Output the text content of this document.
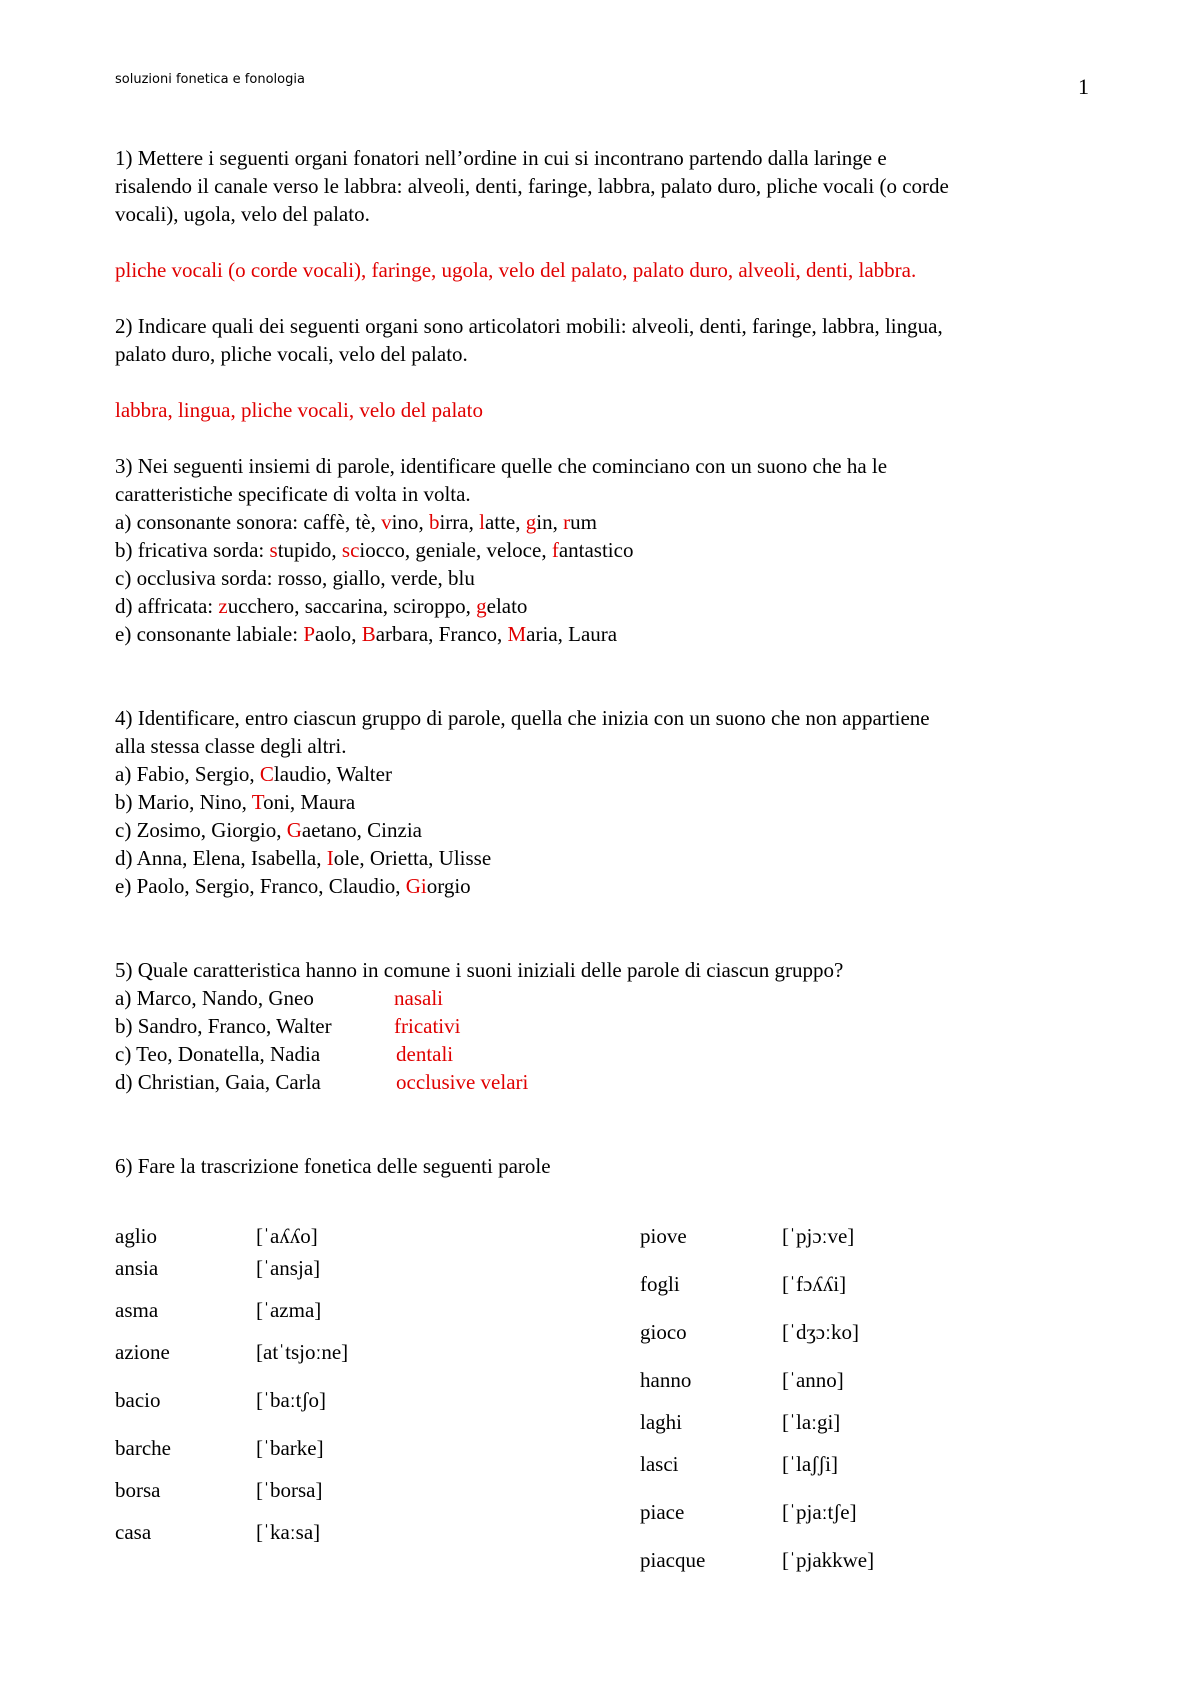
soluzioni fonetica e fonologia	1
1) Mettere i seguenti organi fonatori nell’ordine in cui si incontrano partendo dalla laringe e
risalendo il canale verso le labbra: alveoli, denti, faringe, labbra, palato duro, pliche vocali (o corde
vocali), ugola, velo del palato.
pliche vocali (o corde vocali), faringe, ugola, velo del palato, palato duro, alveoli, denti, labbra.
2) Indicare quali dei seguenti organi sono articolatori mobili: alveoli, denti, faringe, labbra, lingua,
palato duro, pliche vocali, velo del palato.
labbra, lingua, pliche vocali, velo del palato
3) Nei seguenti insiemi di parole, identificare quelle che cominciano con un suono che ha le
caratteristiche specificate di volta in volta.
a) consonante sonora: caffè, tè, vino, birra, latte, gin, rum
b) fricativa sorda: stupido, sciocco, geniale, veloce, fantastico
c) occlusiva sorda: rosso, giallo, verde, blu
d) affricata: zucchero, saccarina, sciroppo, gelato
e) consonante labiale: Paolo, Barbara, Franco, Maria, Laura
4) Identificare, entro ciascun gruppo di parole, quella che inizia con un suono che non appartiene
alla stessa classe degli altri.
a) Fabio, Sergio, Claudio, Walter
b) Mario, Nino, Toni, Maura
c) Zosimo, Giorgio, Gaetano, Cinzia
d) Anna, Elena, Isabella, Iole, Orietta, Ulisse
e) Paolo, Sergio, Franco, Claudio, Giorgio
5) Quale caratteristica hanno in comune i suoni iniziali delle parole di ciascun gruppo?
a) Marco, Nando, Gneo	nasali
b) Sandro, Franco, Walter	fricativi
c) Teo, Donatella, Nadia	dentali
d) Christian, Gaia, Carla	occlusive velari
6) Fare la trascrizione fonetica delle seguenti parole
aglio	[ˈaʎʎo]
ansia	[ˈansja]
asma	[ˈazma]
azione	[atˈtsjoːne]
bacio	[ˈbaːtʃo]
barche	[ˈbarke]
borsa	[ˈborsa]
casa	[ˈkaːsa]
piove	[ˈpjɔːve]
fogli	[ˈfɔʎʎi]
gioco	[ˈdʒɔːko]
hanno	[ˈanno]
laghi	[ˈlaːgi]
lasci	[ˈlaʃʃi]
piace	[ˈpjaːtʃe]
piacque	[ˈpjakkwe]
